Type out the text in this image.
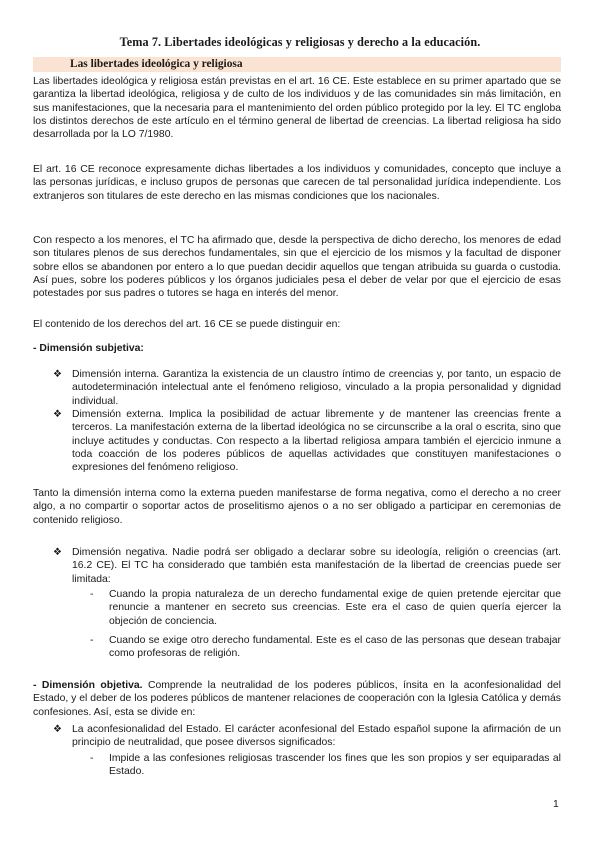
Tema 7. Libertades ideológicas y religiosas y derecho a la educación.
Las libertades ideológica y religiosa

Las libertades ideológica y religiosa están previstas en el art. 16 CE. Este establece en su primer apartado que se garantiza la libertad ideológica, religiosa y de culto de los individuos y de las comunidades sin más limitación, en sus manifestaciones, que la necesaria para el mantenimiento del orden público protegido por la ley. El TC engloba los distintos derechos de este artículo en el término general de libertad de creencias. La libertad religiosa ha sido desarrollada por la LO 7/1980.

El art. 16 CE reconoce expresamente dichas libertades a los individuos y comunidades, concepto que incluye a las personas jurídicas, e incluso grupos de personas que carecen de tal personalidad jurídica independiente. Los extranjeros son titulares de este derecho en las mismas condiciones que los nacionales.

Con respecto a los menores, el TC ha afirmado que, desde la perspectiva de dicho derecho, los menores de edad son titulares plenos de sus derechos fundamentales, sin que el ejercicio de los mismos y la facultad de disponer sobre ellos se abandonen por entero a lo que puedan decidir aquellos que tengan atribuida su guarda o custodia. Así pues, sobre los poderes públicos y los órganos judiciales pesa el deber de velar por que el ejercicio de esas potestades por sus padres o tutores se haga en interés del menor.

El contenido de los derechos del art. 16 CE se puede distinguir en:

- Dimensión subjetiva:

❖ Dimensión interna. Garantiza la existencia de un claustro íntimo de creencias y, por tanto, un espacio de autodeterminación intelectual ante el fenómeno religioso, vinculado a la propia personalidad y dignidad individual.
❖ Dimensión externa. Implica la posibilidad de actuar libremente y de mantener las creencias frente a terceros. La manifestación externa de la libertad ideológica no se circunscribe a la oral o escrita, sino que incluye actitudes y conductas. Con respecto a la libertad religiosa ampara también el ejercicio inmune a toda coacción de los poderes públicos de aquellas actividades que constituyen manifestaciones o expresiones del fenómeno religioso.

Tanto la dimensión interna como la externa pueden manifestarse de forma negativa, como el derecho a no creer algo, a no compartir o soportar actos de proselitismo ajenos o a no ser obligado a participar en ceremonias de contenido religioso.

❖ Dimensión negativa. Nadie podrá ser obligado a declarar sobre su ideología, religión o creencias (art. 16.2 CE). El TC ha considerado que también esta manifestación de la libertad de creencias puede ser limitada:
- Cuando la propia naturaleza de un derecho fundamental exige de quien pretende ejercitar que renuncie a mantener en secreto sus creencias. Este era el caso de quien quería ejercer la objeción de conciencia.
- Cuando se exige otro derecho fundamental. Este es el caso de las personas que desean trabajar como profesoras de religión.

- Dimensión objetiva. Comprende la neutralidad de los poderes públicos, ínsita en la aconfesionalidad del Estado, y el deber de los poderes públicos de mantener relaciones de cooperación con la Iglesia Católica y demás confesiones. Así, esta se divide en:

❖ La aconfesionalidad del Estado. El carácter aconfesional del Estado español supone la afirmación de un principio de neutralidad, que posee diversos significados:
- Impide a las confesiones religiosas trascender los fines que les son propios y ser equiparadas al Estado.
1
